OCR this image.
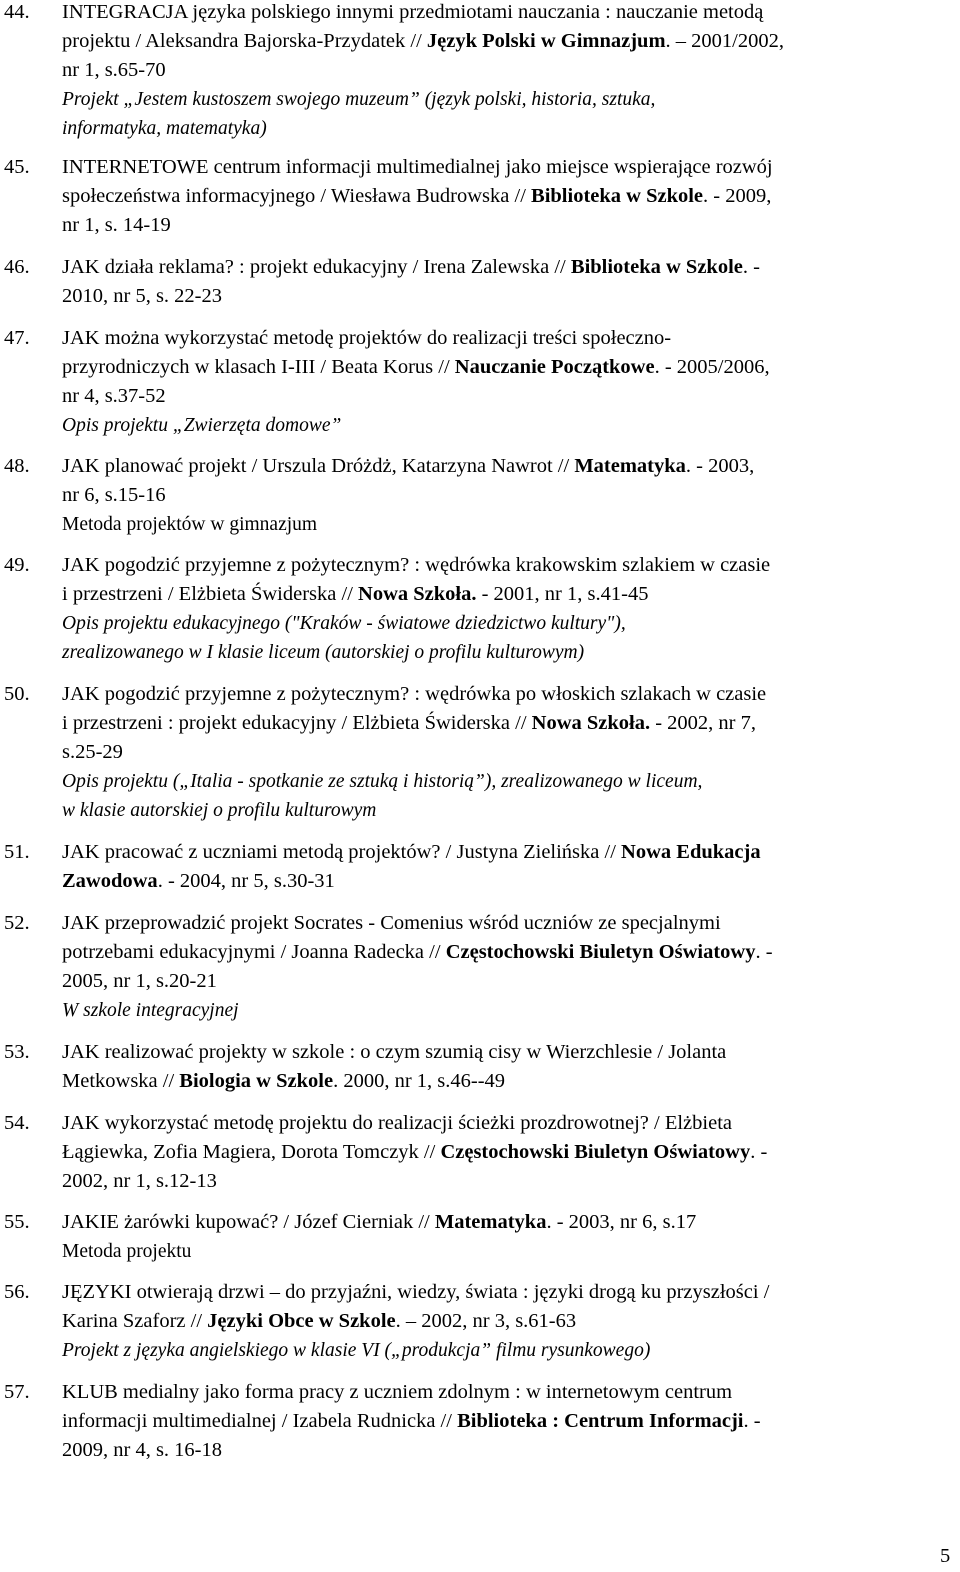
44. INTEGRACJA języka polskiego innymi przedmiotami nauczania : nauczanie metodą
projektu / Aleksandra Bajorska-Przydatek // Język Polski w Gimnazjum. – 2001/2002,
nr 1, s.65-70
Projekt „Jestem kustoszem swojego muzeum” (język polski, historia, sztuka,
informatyka, matematyka)
45. INTERNETOWE centrum informacji multimedialnej jako miejsce wspierające rozwój
społeczeństwa informacyjnego / Wiesława Budrowska // Biblioteka w Szkole. - 2009,
nr 1, s. 14-19
46. JAK działa reklama? : projekt edukacyjny / Irena Zalewska // Biblioteka w Szkole. -
2010, nr 5, s. 22-23
47. JAK można wykorzystać metodę projektów do realizacji treści społeczno-
przyrodniczych w klasach I-III / Beata Korus // Nauczanie Początkowe. - 2005/2006,
nr 4, s.37-52
Opis projektu „Zwierzęta domowe”
48. JAK planować projekt / Urszula Dróżdż, Katarzyna Nawrot // Matematyka. - 2003,
nr 6, s.15-16
Metoda projektów w gimnazjum
49. JAK pogodzić przyjemne z pożytecznym? : wędrówka krakowskim szlakiem w czasie
i przestrzeni / Elżbieta Świderska // Nowa Szkoła. - 2001, nr 1, s.41-45
Opis projektu edukacyjnego ("Kraków - światowe dziedzictwo kultury"),
zrealizowanego w I klasie liceum (autorskiej o profilu kulturowym)
50. JAK pogodzić przyjemne z pożytecznym? : wędrówka po włoskich szlakach w czasie
i przestrzeni : projekt edukacyjny / Elżbieta Świderska // Nowa Szkoła. - 2002, nr 7,
s.25-29
Opis projektu („Italia - spotkanie ze sztuką i historią”), zrealizowanego w liceum,
w klasie autorskiej o profilu kulturowym
51. JAK pracować z uczniami metodą projektów? / Justyna Zielińska // Nowa Edukacja
Zawodowa. - 2004, nr 5, s.30-31
52. JAK przeprowadzić projekt Socrates - Comenius wśród uczniów ze specjalnymi
potrzebami edukacyjnymi / Joanna Radecka // Częstochowski Biuletyn Oświatowy. -
2005, nr 1, s.20-21
W szkole integracyjnej
53. JAK realizować projekty w szkole : o czym szumią cisy w Wierzchlesie / Jolanta
Metkowska // Biologia w Szkole. 2000, nr 1, s.46--49
54. JAK wykorzystać metodę projektu do realizacji ścieżki prozdrowotnej? / Elżbieta
Łągiewka, Zofia Magiera, Dorota Tomczyk // Częstochowski Biuletyn Oświatowy. -
2002, nr 1, s.12-13
55. JAKIE żarówki kupować? / Józef Cierniak // Matematyka. - 2003, nr 6, s.17
Metoda projektu
56. JĘZYKI otwierają drzwi – do przyjaźni, wiedzy, świata : języki drogą ku przyszłości /
Karina Szaforz // Języki Obce w Szkole. – 2002, nr 3, s.61-63
Projekt z języka angielskiego w klasie VI („produkcja” filmu rysunkowego)
57. KLUB medialny jako forma pracy z uczniem zdolnym : w internetowym centrum
informacji multimedialnej / Izabela Rudnicka // Biblioteka : Centrum Informacji. -
2009, nr 4, s. 16-18
5
